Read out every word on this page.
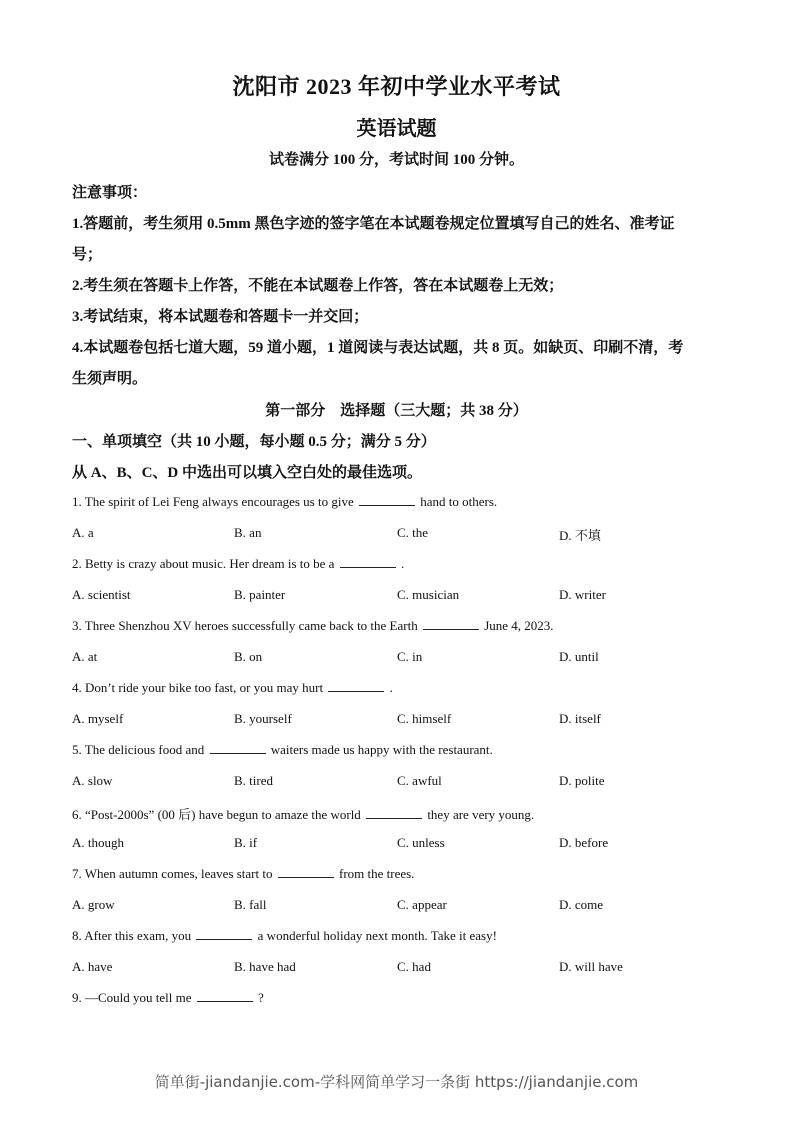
沈阳市 2023 年初中学业水平考试
英语试题
试卷满分 100 分，考试时间 100 分钟。
注意事项：
1.答题前，考生须用 0.5mm 黑色字迹的签字笔在本试题卷规定位置填写自己的姓名、准考证
号；
2.考生须在答题卡上作答，不能在本试题卷上作答，答在本试题卷上无效；
3.考试结束，将本试题卷和答题卡一并交回；
4.本试题卷包括七道大题，59 道小题，1 道阅读与表达试题，共 8 页。如缺页、印刷不清，考
生须声明。
第一部分　选择题（三大题；共 38 分）
一、单项填空（共 10 小题，每小题 0.5 分；满分 5 分）
从 A、B、C、D 中选出可以填入空白处的最佳选项。
1. The spirit of Lei Feng always encourages us to give	hand to others.
A. a	B. an	C. the	D. 不填
2. Betty is crazy about music. Her dream is to be a	.
A. scientist	B. painter	C. musician	D. writer
3. Three Shenzhou XV heroes successfully came back to the Earth	June 4, 2023.
A. at	B. on	C. in	D. until
4. Don’t ride your bike too fast, or you may hurt	.
A. myself	B. yourself	C. himself	D. itself
5. The delicious food and	waiters made us happy with the restaurant.
A. slow	B. tired	C. awful	D. polite
6. “Post-2000s” (00 后) have begun to amaze the world	they are very young.
A. though	B. if	C. unless	D. before
7. When autumn comes, leaves start to	from the trees.
A. grow	B. fall	C. appear	D. come
8. After this exam, you	a wonderful holiday next month. Take it easy!
A. have	B. have had	C. had	D. will have
9. —Could you tell me	?
简单街-jiandanjie.com-学科网简单学习一条街 https://jiandanjie.com
